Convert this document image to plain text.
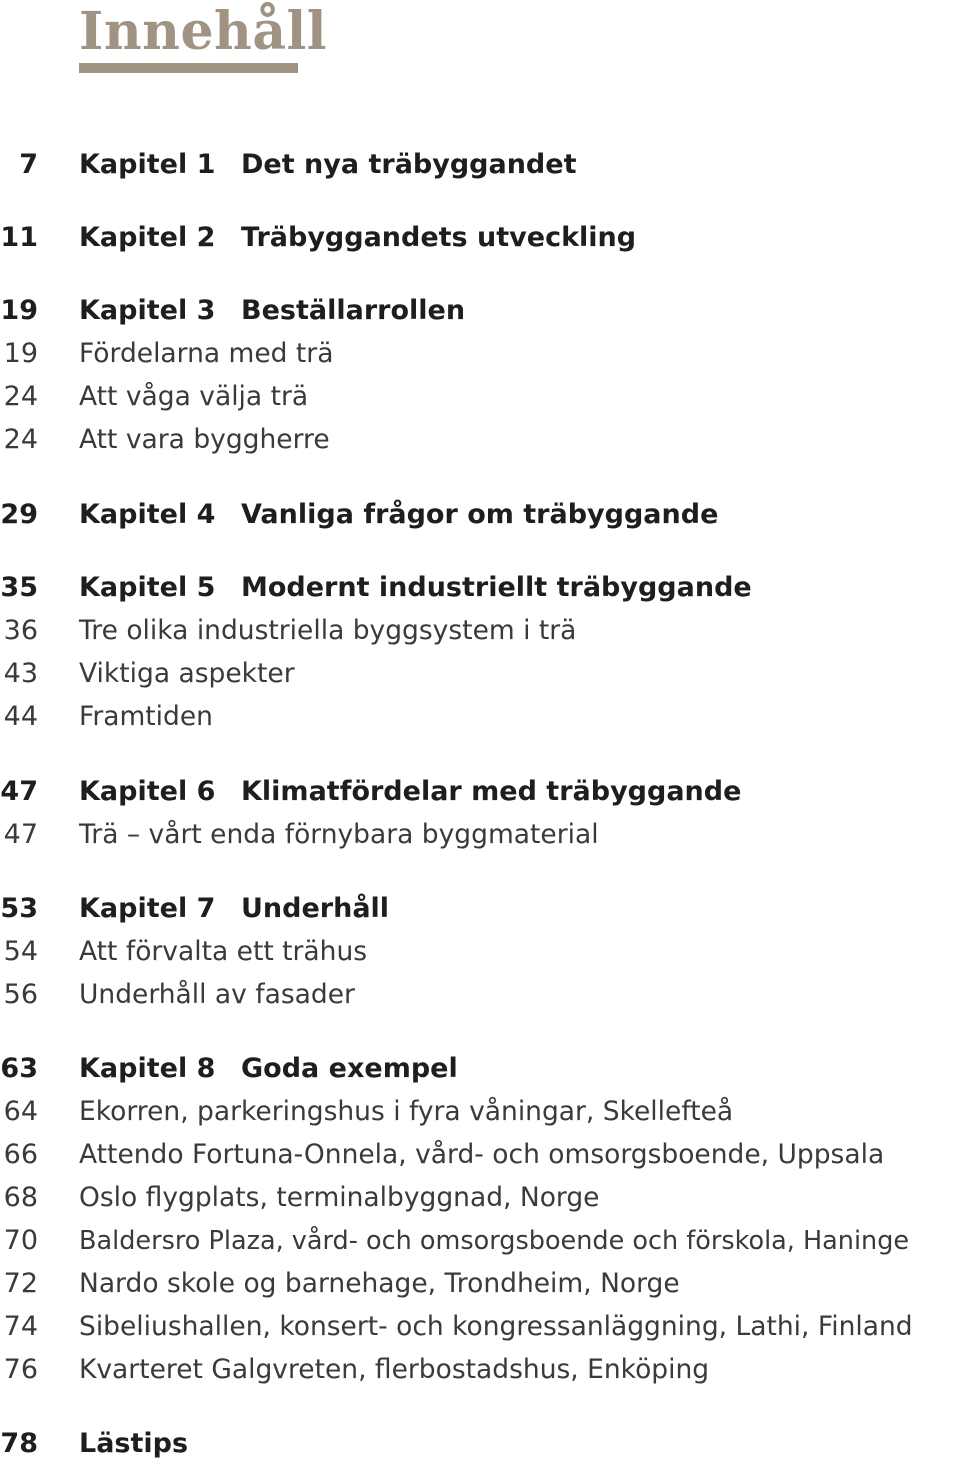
Innehåll
7 Kapitel 1 Det nya träbyggandet
11 Kapitel 2 Träbyggandets utveckling
19 Kapitel 3 Beställarrollen
19 Fördelarna med trä
24 Att våga välja trä
24 Att vara byggherre
29 Kapitel 4 Vanliga frågor om träbyggande
35 Kapitel 5 Modernt industriellt träbyggande
36 Tre olika industriella byggsystem i trä
43 Viktiga aspekter
44 Framtiden
47 Kapitel 6 Klimatfördelar med träbyggande
47 Trä – vårt enda förnybara byggmaterial
53 Kapitel 7 Underhåll
54 Att förvalta ett trähus
56 Underhåll av fasader
63 Kapitel 8 Goda exempel
64 Ekorren, parkeringshus i fyra våningar, Skellefteå
66 Attendo Fortuna-Onnela, vård- och omsorgsboende, Uppsala
68 Oslo flygplats, terminalbyggnad, Norge
70 Baldersro Plaza, vård- och omsorgsboende och förskola, Haninge
72 Nardo skole og barnehage, Trondheim, Norge
74 Sibeliushallen, konsert- och kongressanläggning, Lathi, Finland
76 Kvarteret Galgvreten, flerbostadshus, Enköping
78 Lästips
